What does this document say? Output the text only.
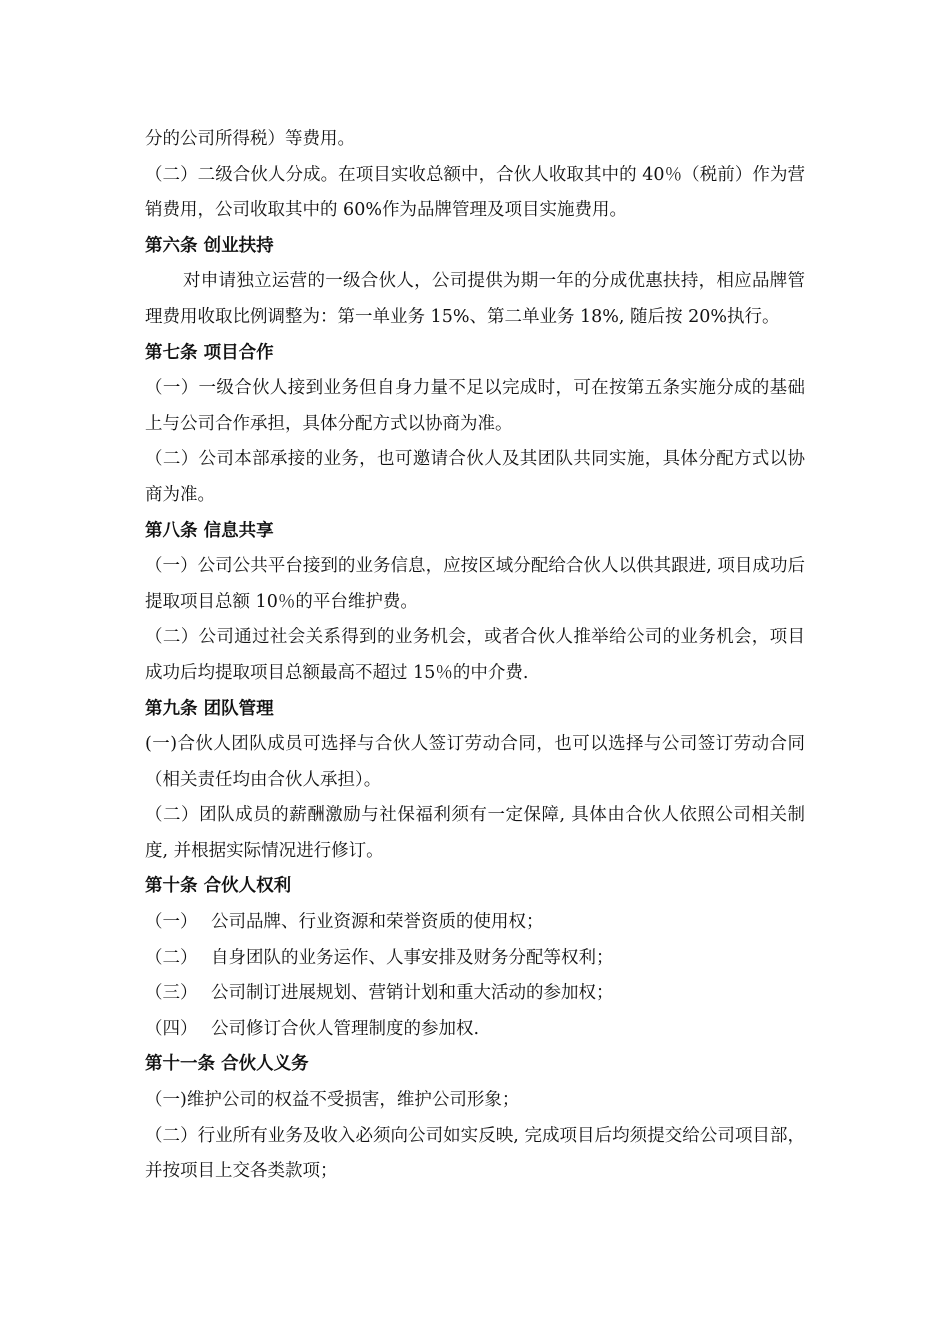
分的公司所得税）等费用。

（二）二级合伙人分成。在项目实收总额中，合伙人收取其中的 40％（税前）作为营销费用，公司收取其中的 60%作为品牌管理及项目实施费用。

第六条 创业扶持

对申请独立运营的一级合伙人，公司提供为期一年的分成优惠扶持，相应品牌管理费用收取比例调整为：第一单业务 15%、第二单业务 18%, 随后按 20%执行。

第七条 项目合作

（一）一级合伙人接到业务但自身力量不足以完成时，可在按第五条实施分成的基础上与公司合作承担，具体分配方式以协商为准。

（二）公司本部承接的业务，也可邀请合伙人及其团队共同实施，具体分配方式以协商为准。

第八条 信息共享

（一）公司公共平台接到的业务信息，应按区域分配给合伙人以供其跟进, 项目成功后提取项目总额 10％的平台维护费。

（二）公司通过社会关系得到的业务机会，或者合伙人推举给公司的业务机会，项目成功后均提取项目总额最高不超过 15％的中介费.

第九条 团队管理

(一)合伙人团队成员可选择与合伙人签订劳动合同，也可以选择与公司签订劳动合同（相关责任均由合伙人承担）。

（二）团队成员的薪酬激励与社保福利须有一定保障, 具体由合伙人依照公司相关制度, 并根据实际情况进行修订。

第十条 合伙人权利

（一） 公司品牌、行业资源和荣誉资质的使用权；
（二） 自身团队的业务运作、人事安排及财务分配等权利；
（三） 公司制订进展规划、营销计划和重大活动的参加权；
（四） 公司修订合伙人管理制度的参加权.

第十一条 合伙人义务

（一)维护公司的权益不受损害，维护公司形象；

（二）行业所有业务及收入必须向公司如实反映, 完成项目后均须提交给公司项目部，并按项目上交各类款项；
